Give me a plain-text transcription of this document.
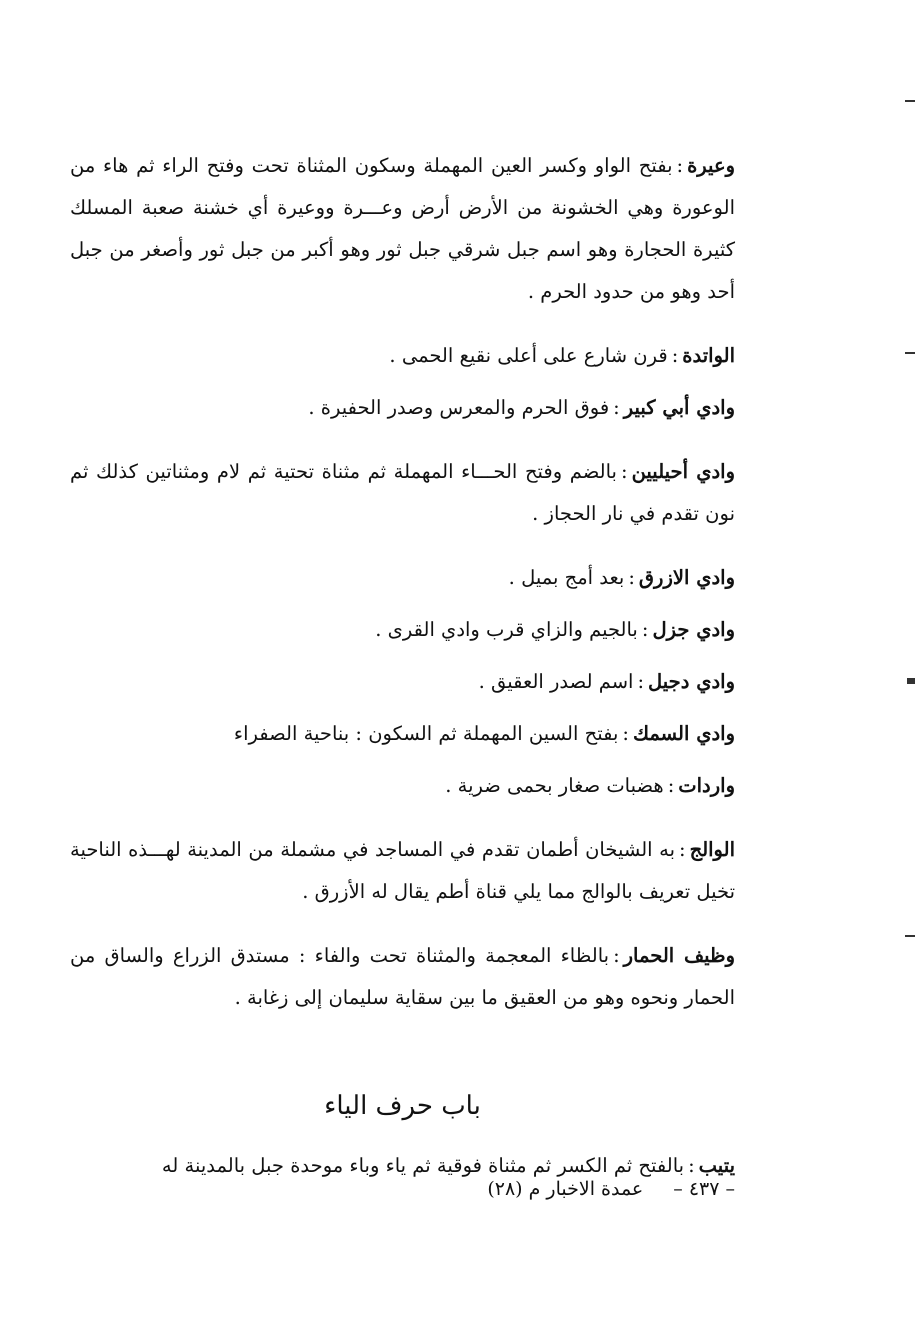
وعيرة:بفتح الواو وكسر العين المهملة وسكون المثناة تحت وفتح الراء ثم هاء من الوعورة وهي الخشونة من الأرض أرض وعـــرة ووعيرة أي خشنة صعبة المسلك كثيرة الحجارة وهو اسم جبل شرقي جبل ثور وهو أكبر من جبل ثور وأصغر من جبل أحد وهو من حدود الحرم .

الواتدة:قرن شارع على أعلى نقيع الحمى .

وادي أبي كبير:فوق الحرم والمعرس وصدر الحفيرة .

وادي أحيليين:بالضم وفتح الحـــاء المهملة ثم مثناة تحتية ثم لام ومثناتين كذلك ثم نون تقدم في نار الحجاز .

وادي الازرق:بعد أمج بميل .

وادي جزل:بالجيم والزاي قرب وادي القرى .

وادي دجيل:اسم لصدر العقيق .

وادي السمك:بفتح السين المهملة ثم السكون : بناحية الصفراء

واردات:هضبات صغار بحمى ضرية .

الوالج:به الشيخان أطمان تقدم في المساجد في مشملة من المدينة لهـــذه الناحية تخيل تعريف بالوالج مما يلي قناة أطم يقال له الأزرق .

وظيف الحمار:بالظاء المعجمة والمثناة تحت والفاء : مستدق الزراع والساق من الحمار ونحوه وهو من العقيق ما بين سقاية سليمان إلى زغابة .

باب حرف الياء

يتيب:بالفتح ثم الكسر ثم مثناة فوقية ثم ياء وباء موحدة جبل بالمدينة له

– ٤٣٧ –
عمدة الاخبار م (٢٨)
